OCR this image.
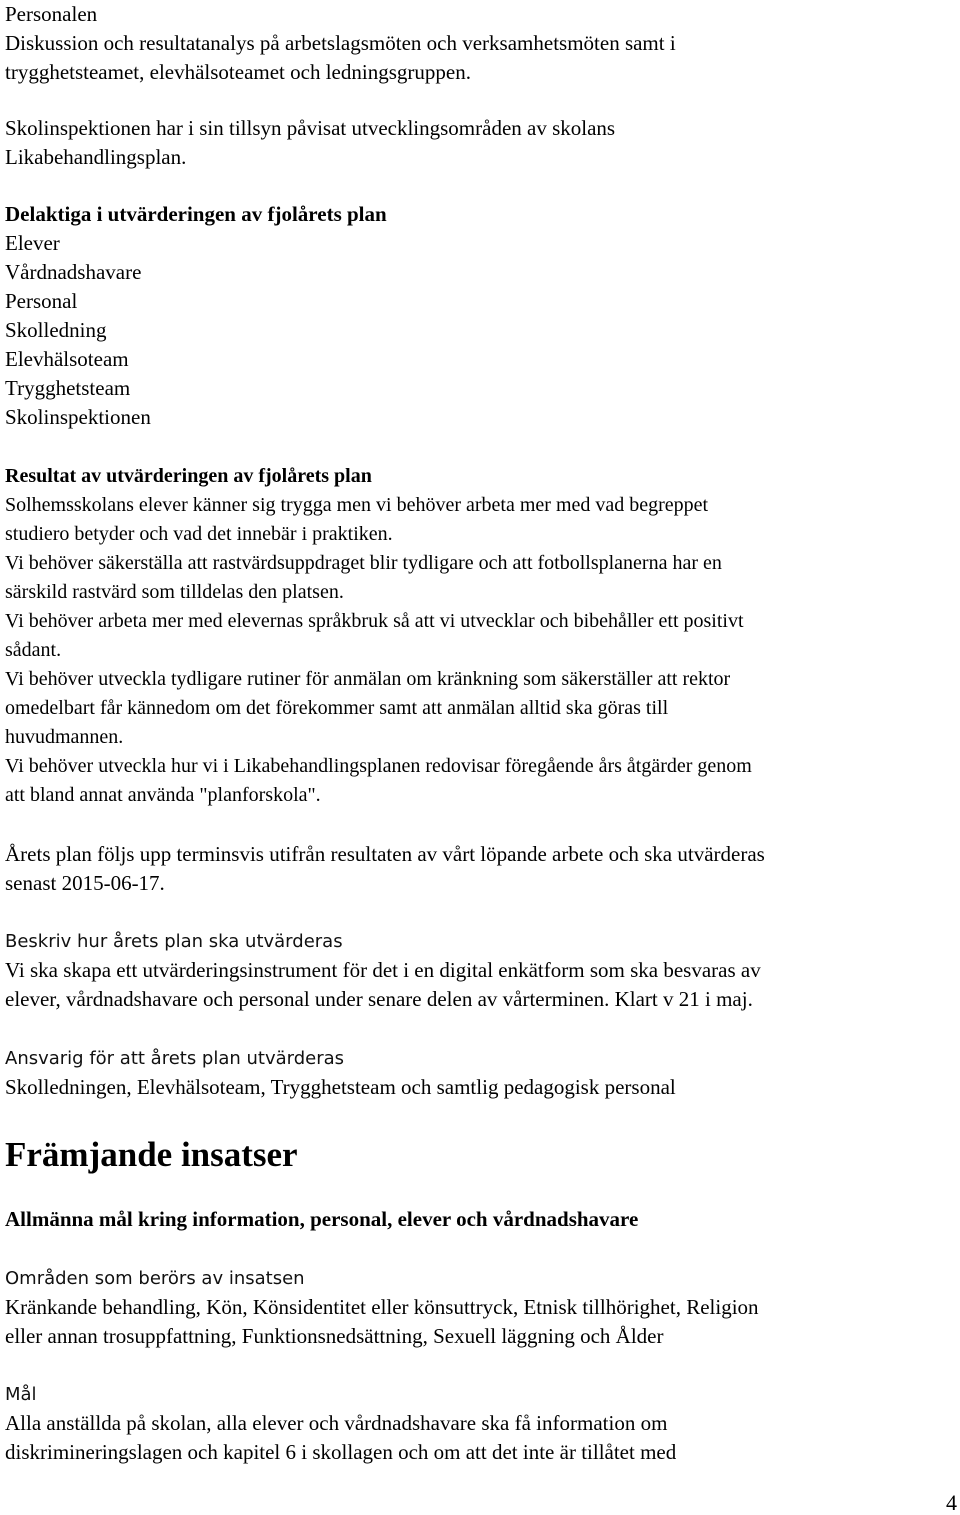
Personalen
Diskussion och resultatanalys på arbetslagsmöten och verksamhetsmöten samt i
trygghetsteamet, elevhälsoteamet och ledningsgruppen.
Skolinspektionen har i sin tillsyn påvisat utvecklingsområden av skolans
Likabehandlingsplan.
Delaktiga i utvärderingen av fjolårets plan
Elever
Vårdnadshavare
Personal
Skolledning
Elevhälsoteam
Trygghetsteam
Skolinspektionen
Resultat av utvärderingen av fjolårets plan
Solhemsskolans elever känner sig trygga men vi behöver arbeta mer med vad begreppet
studiero betyder och vad det innebär i praktiken.
Vi behöver säkerställa att rastvärdsuppdraget blir tydligare och att fotbollsplanerna har en
särskild rastvärd som tilldelas den platsen.
Vi behöver arbeta mer med elevernas språkbruk så att vi utvecklar och bibehåller ett positivt
sådant.
Vi behöver utveckla tydligare rutiner för anmälan om kränkning som säkerställer att rektor
omedelbart får kännedom om det förekommer samt att anmälan alltid ska göras till
huvudmannen.
Vi behöver utveckla hur vi i Likabehandlingsplanen redovisar föregående års åtgärder genom
att bland annat använda "planforskola".
Årets plan följs upp terminsvis utifrån resultaten av vårt löpande arbete och ska utvärderas
senast 2015-06-17.
Beskriv hur årets plan ska utvärderas
Vi ska skapa ett utvärderingsinstrument för det i en digital enkätform som ska besvaras av
elever, vårdnadshavare och personal under senare delen av vårterminen. Klart v 21 i maj.
Ansvarig för att årets plan utvärderas
Skolledningen, Elevhälsoteam, Trygghetsteam och samtlig pedagogisk personal
Främjande insatser
Allmänna mål kring information, personal, elever och vårdnadshavare
Områden som berörs av insatsen
Kränkande behandling, Kön, Könsidentitet eller könsuttryck, Etnisk tillhörighet, Religion
eller annan trosuppfattning, Funktionsnedsättning, Sexuell läggning och Ålder
Mål
Alla anställda på skolan, alla elever och vårdnadshavare ska få information om
diskrimineringslagen och kapitel 6 i skollagen och om att det inte är tillåtet med
4
